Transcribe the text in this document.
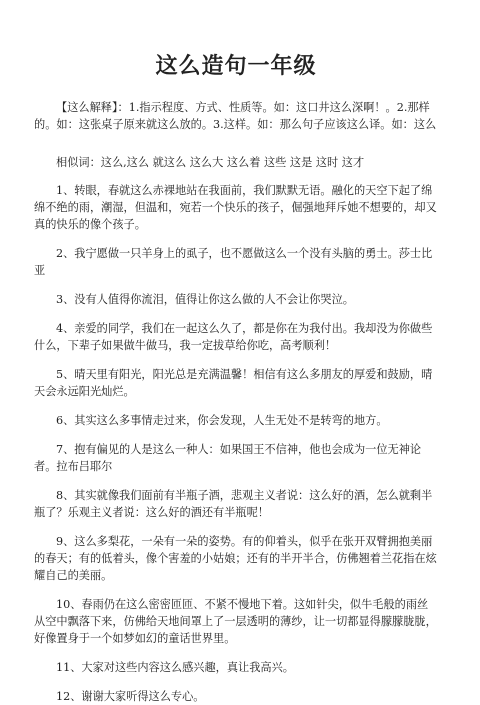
这么造句一年级

【这么解释】：1.指示程度、方式、性质等。如：这口井这么深啊！。2.那样的。如：这张桌子原来就这么放的。3.这样。如：那么句子应该这么译。如：这么

相似词：这么,这么 就这么 这么大 这么着 这些 这是 这时 这才

1、转眼，春就这么赤裸地站在我面前，我们默默无语。融化的天空下起了绵绵不绝的雨，潮湿，但温和，宛若一个快乐的孩子，倔强地拜斥她不想要的，却又真的快乐的像个孩子。

2、我宁愿做一只羊身上的虱子，也不愿做这么一个没有头脑的勇士。莎士比亚

3、没有人值得你流泪，值得让你这么做的人不会让你哭泣。

4、亲爱的同学，我们在一起这么久了，都是你在为我付出。我却没为你做些什么，下辈子如果做牛做马，我一定拔草给你吃，高考顺利！

5、晴天里有阳光，阳光总是充满温馨！相信有这么多朋友的厚爱和鼓励，晴天会永远阳光灿烂。

6、其实这么多事情走过来，你会发现，人生无处不是转弯的地方。

7、抱有偏见的人是这么一种人：如果国王不信神，他也会成为一位无神论者。拉布吕耶尔

8、其实就像我们面前有半瓶子酒，悲观主义者说：这么好的酒，怎么就剩半瓶了？乐观主义者说：这么好的酒还有半瓶呢！

9、这么多梨花，一朵有一朵的姿势。有的仰着头，似乎在张开双臂拥抱美丽的春天；有的低着头，像个害羞的小姑娘；还有的半开半合，仿佛翘着兰花指在炫耀自己的美丽。

10、春雨仍在这么密密匝匝、不紧不慢地下着。这如针尖，似牛毛般的雨丝从空中飘落下来，仿佛给天地间罩上了一层透明的薄纱，让一切都显得朦朦胧胧，好像置身于一个如梦如幻的童话世界里。

11、大家对这些内容这么感兴趣，真让我高兴。

12、谢谢大家听得这么专心。
